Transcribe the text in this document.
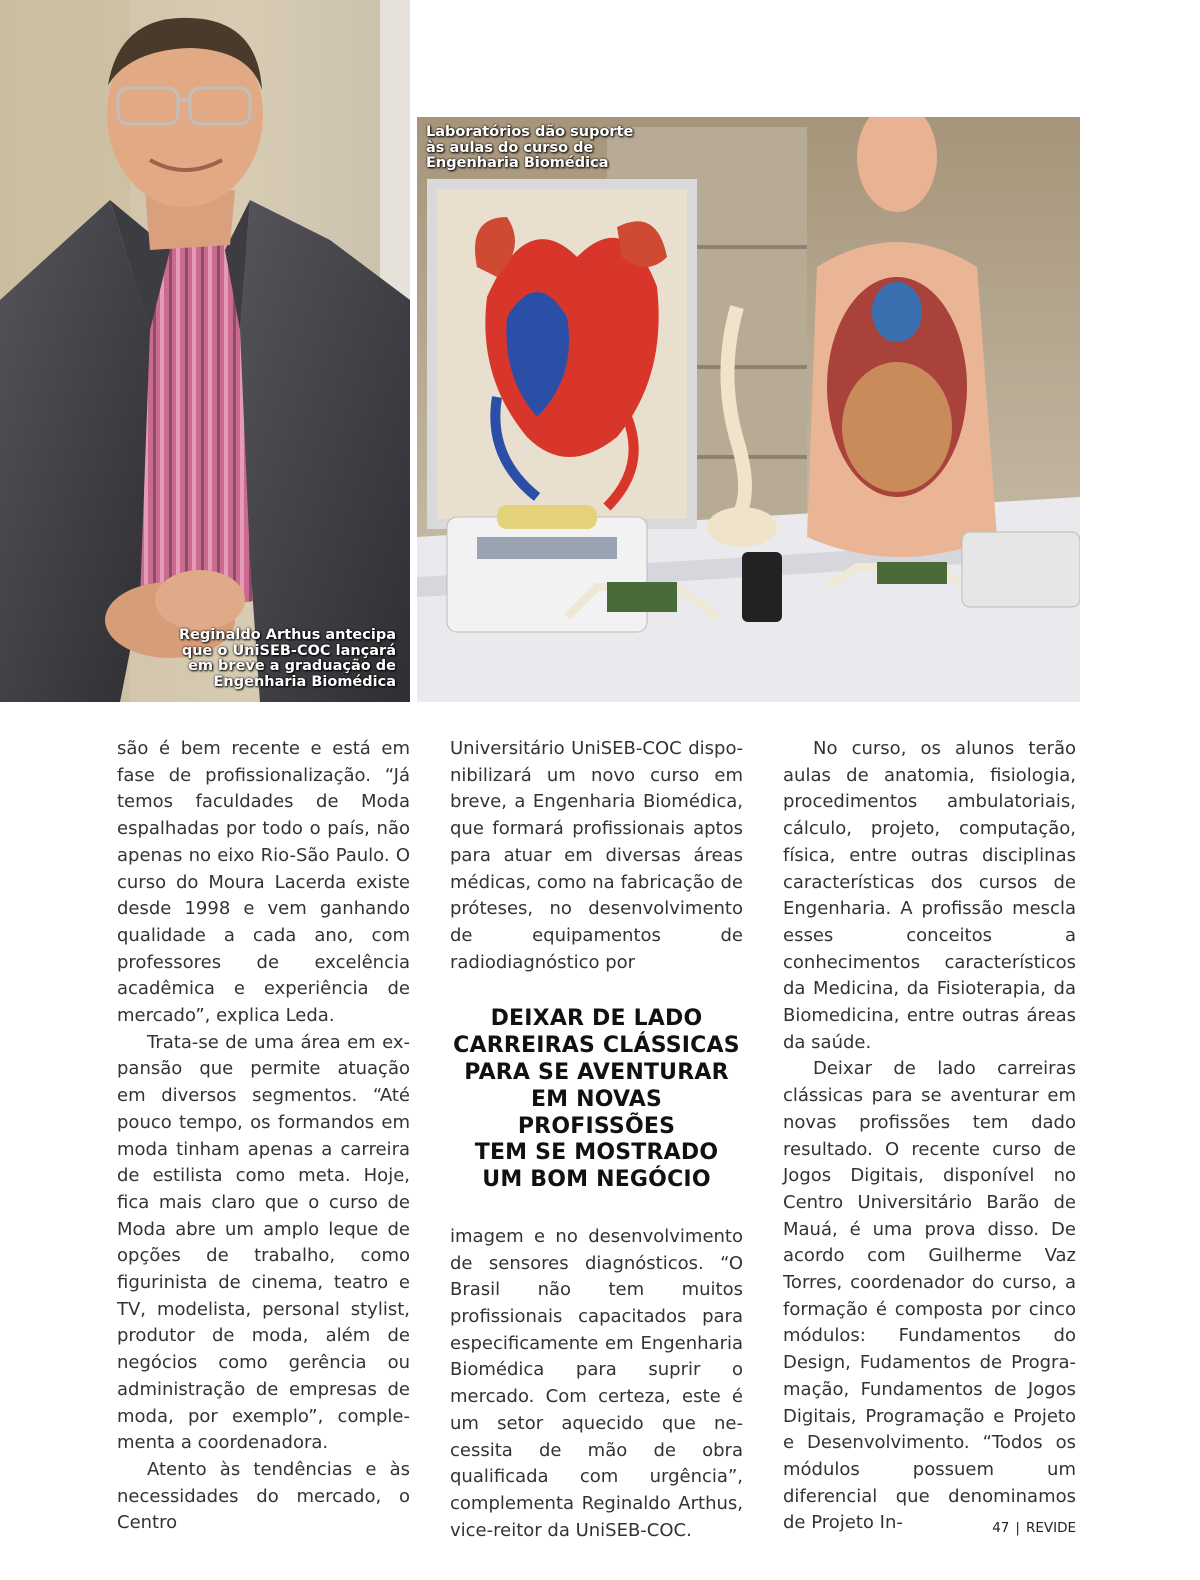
Reginaldo Arthus antecipa
que o UniSEB-COC lançará
em breve a graduação de
Engenharia Biomédica
Laboratórios dão suporte
às aulas do curso de
Engenharia Biomédica

são é bem recente e está em fase de profissionalização. “Já temos faculdades de Moda espalhadas por todo o país, não apenas no eixo Rio-São Paulo. O curso do Moura Lacerda existe desde 1998 e vem ganhando qualidade a cada ano, com professores de excelência acadêmica e experiência de mercado”, explica Leda.

Trata-se de uma área em expansão que permite atuação em diversos segmentos. “Até pouco tempo, os formandos em moda tinham apenas a carreira de estilista como meta. Hoje, fica mais claro que o curso de Moda abre um amplo leque de opções de trabalho, como figurinista de cinema, teatro e TV, modelista, personal stylist, produtor de moda, além de negócios como gerência ou administração de empresas de moda, por exemplo”, complementa a coordenadora.

Atento às tendências e às necessidades do mercado, o Centro

Universitário UniSEB-COC disponibilizará um novo curso em breve, a Engenharia Biomédica, que formará profissionais aptos para atuar em diversas áreas médicas, como na fabricação de próteses, no desenvolvimento de equipamentos de radiodiagnóstico por

DEIXAR DE LADO
CARREIRAS CLÁSSICAS
PARA SE AVENTURAR
EM NOVAS PROFISSÕES
TEM SE MOSTRADO
UM BOM NEGÓCIO

imagem e no desenvolvimento de sensores diagnósticos. “O Brasil não tem muitos profissionais capacitados para especificamente em Engenharia Biomédica para suprir o mercado. Com certeza, este é um setor aquecido que necessita de mão de obra qualificada com urgência”, complementa Reginaldo Arthus, vice-reitor da UniSEB-COC.

No curso, os alunos terão aulas de anatomia, fisiologia, procedimentos ambulatoriais, cálculo, projeto, computação, física, entre outras disciplinas características dos cursos de Engenharia. A profissão mescla esses conceitos a conhecimentos característicos da Medicina, da Fisioterapia, da Biomedicina, entre outras áreas da saúde.

Deixar de lado carreiras clássicas para se aventurar em novas profissões tem dado resultado. O recente curso de Jogos Digitais, disponível no Centro Universitário Barão de Mauá, é uma prova disso. De acordo com Guilherme Vaz Torres, coordenador do curso, a formação é composta por cinco módulos: Fundamentos do Design, Fudamentos de Programação, Fundamentos de Jogos Digitais, Programação e Projeto e Desenvolvimento. “Todos os módulos possuem um diferencial que denominamos de Projeto In-	47 | REVIDE
